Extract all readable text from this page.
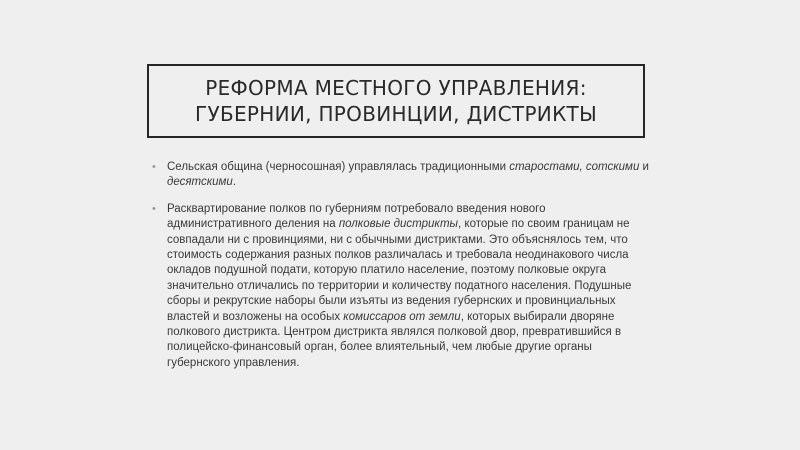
РЕФОРМА МЕСТНОГО УПРАВЛЕНИЯ:
ГУБЕРНИИ, ПРОВИНЦИИ, ДИСТРИКТЫ
• Сельская община (черносошная) управлялась традиционными старостами, сотскими и десятскими.
• Расквартирование полков по губерниям потребовало введения нового административного деления на полковые дистрикты, которые по своим границам не совпадали ни с провинциями, ни с обычными дистриктами. Это объяснялось тем, что стоимость содержания разных полков различалась и требовала неодинакового числа окладов подушной подати, которую платило население, поэтому полковые округа значительно отличались по территории и количеству податного населения. Подушные сборы и рекрутские наборы были изъяты из ведения губернских и провинциальных властей и возложены на особых комиссаров от земли, которых выбирали дворяне полкового дистрикта. Центром дистрикта являлся полковой двор, превратившийся в полицейско-финансовый орган, более влиятельный, чем любые другие органы губернского управления.
